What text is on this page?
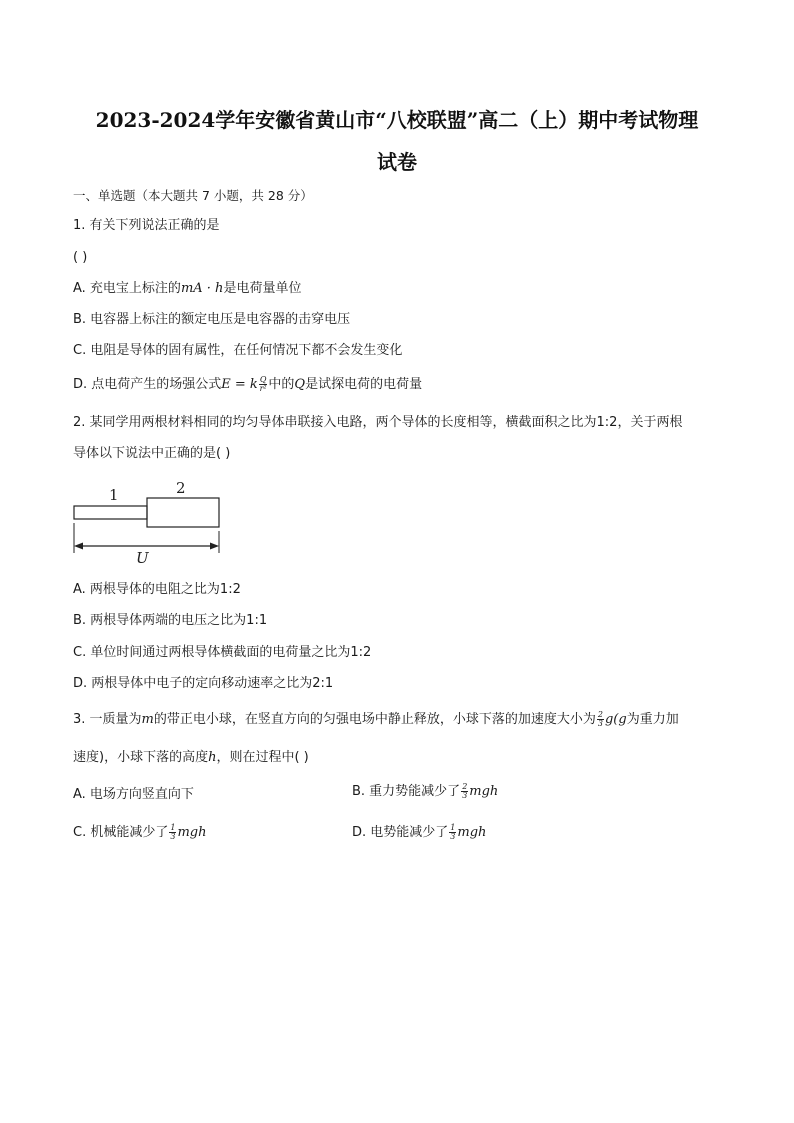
2023-2024学年安徽省黄山市“八校联盟”高二（上）期中考试物理
试卷
一、单选题（本大题共 7 小题，共 28 分）
1. 有关下列说法正确的是
( )
A. 充电宝上标注的mA · h是电荷量单位
B. 电容器上标注的额定电压是电容器的击穿电压
C. 电阻是导体的固有属性，在任何情况下都不会发生变化
D. 点电荷产生的场强公式E = k $\frac{Q}{\text{r²}}$ 中的Q是试探电荷的电荷量
2. 某同学用两根材料相同的均匀导体串联接入电路，两个导体的长度相等，横截面积之比为1:2，关于两根
导体以下说法中正确的是( )
1	2
U
A. 两根导体的电阻之比为1:2
B. 两根导体两端的电压之比为1:1
C. 单位时间通过两根导体横截面的电荷量之比为1:2
D. 两根导体中电子的定向移动速率之比为2:1
3. 一质量为m的带正电小球，在竖直方向的匀强电场中静止释放，小球下落的加速度大小为 $\frac{2}{3} g(g$为重力加
速度)，小球下落的高度h，则在过程中( )
A. 电场方向竖直向下	B. 重力势能减少了 $\frac{2}{3}$ mgh
C. 机械能减少了 $\frac{1}{3}$ mgh	D. 电势能减少了 $\frac{1}{3}$ mgh
